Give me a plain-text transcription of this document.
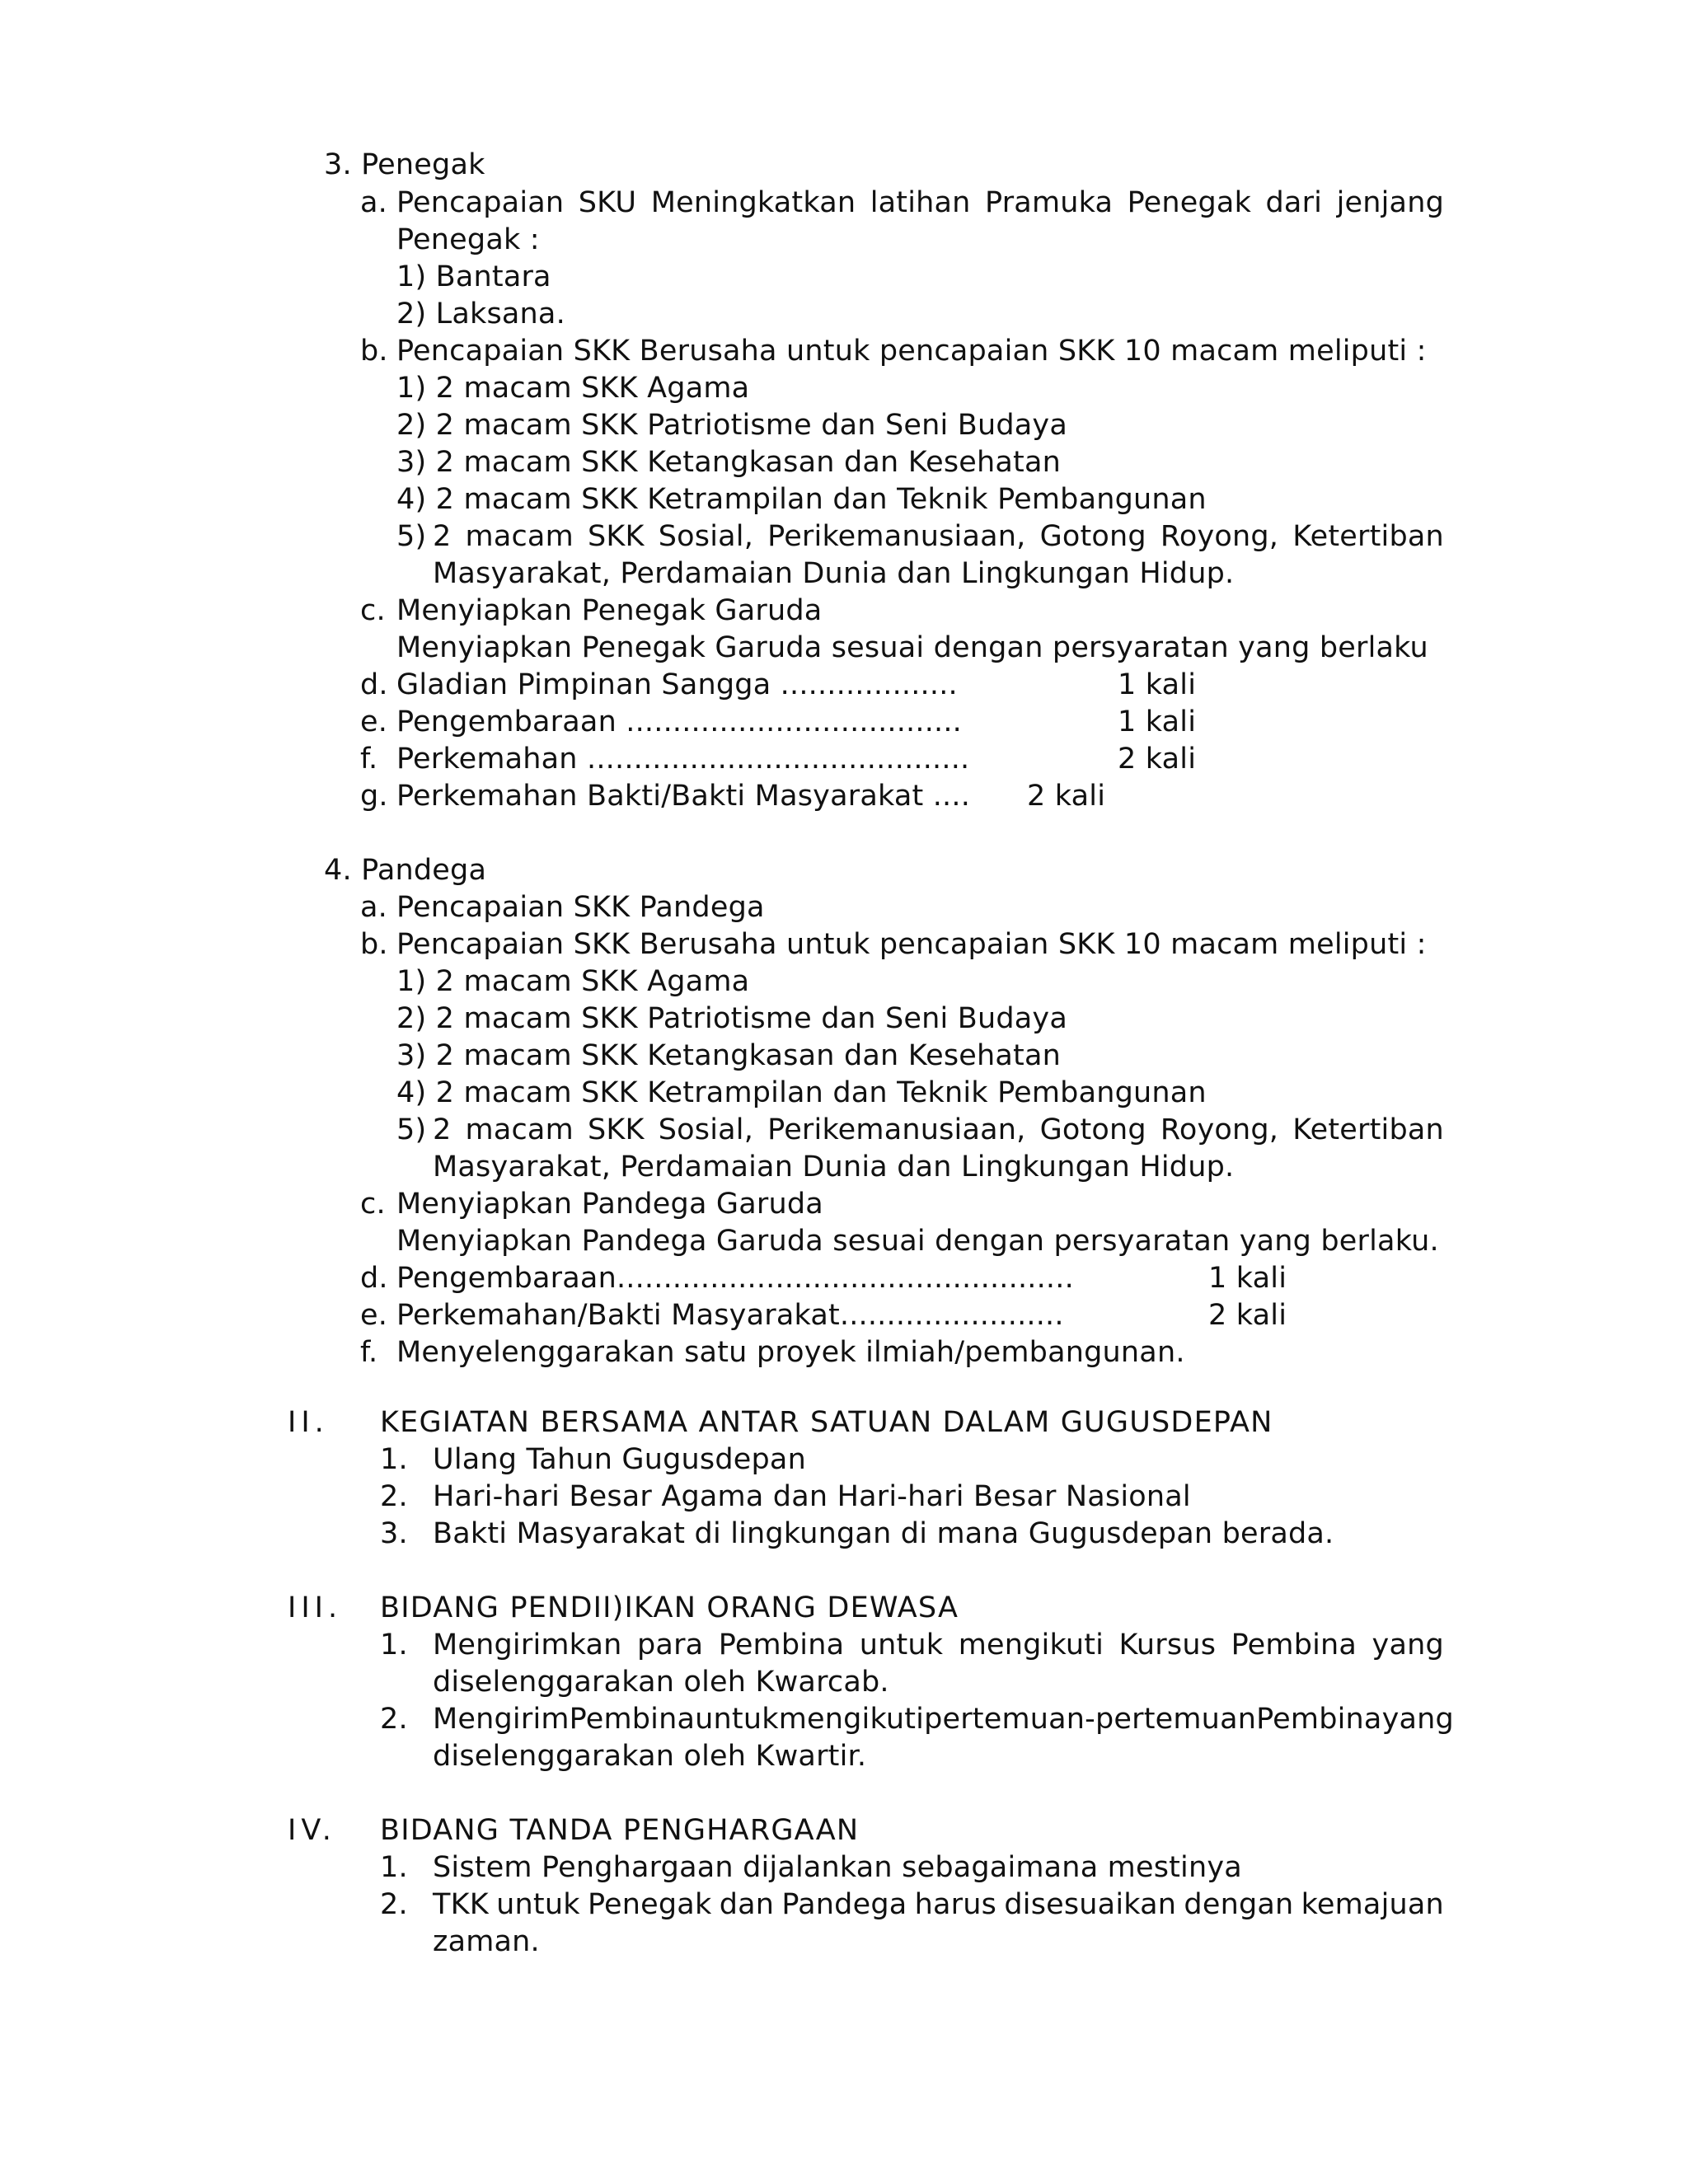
3. Penegak
a. Pencapaian SKU Meningkatkan latihan Pramuka Penegak dari jenjang
Penegak :
1) Bantara
2) Laksana.
b. Pencapaian SKK Berusaha untuk pencapaian SKK 10 macam meliputi :
1) 2 macam SKK Agama
2) 2 macam SKK Patriotisme dan Seni Budaya
3) 2 macam SKK Ketangkasan dan Kesehatan
4) 2 macam SKK Ketrampilan dan Teknik Pembangunan
5) 2 macam SKK Sosial, Perikemanusiaan, Gotong Royong, Ketertiban
Masyarakat, Perdamaian Dunia dan Lingkungan Hidup.
c. Menyiapkan Penegak Garuda
Menyiapkan Penegak Garuda sesuai dengan persyaratan yang berlaku
d. Gladian Pimpinan Sangga ...................	1 kali
e. Pengembaraan ....................................	1 kali
f. Perkemahan .........................................	2 kali
g. Perkemahan Bakti/Bakti Masyarakat .... 2 kali
4. Pandega
a. Pencapaian SKK Pandega
b. Pencapaian SKK Berusaha untuk pencapaian SKK 10 macam meliputi :
1) 2 macam SKK Agama
2) 2 macam SKK Patriotisme dan Seni Budaya
3) 2 macam SKK Ketangkasan dan Kesehatan
4) 2 macam SKK Ketrampilan dan Teknik Pembangunan
5) 2 macam SKK Sosial, Perikemanusiaan, Gotong Royong, Ketertiban
Masyarakat, Perdamaian Dunia dan Lingkungan Hidup.
c. Menyiapkan Pandega Garuda
Menyiapkan Pandega Garuda sesuai dengan persyaratan yang berlaku.
d. Pengembaraan.................................................	1 kali
e. Perkemahan/Bakti Masyarakat........................	2 kali
f. Menyelenggarakan satu proyek ilmiah/pembangunan.
II. KEGIATAN BERSAMA ANTAR SATUAN DALAM GUGUSDEPAN
1. Ulang Tahun Gugusdepan
2. Hari-hari Besar Agama dan Hari-hari Besar Nasional
3. Bakti Masyarakat di lingkungan di mana Gugusdepan berada.
III. BIDANG PENDII)IKAN ORANG DEWASA
1. Mengirimkan para Pembina untuk mengikuti Kursus Pembina yang
diselenggarakan oleh Kwarcab.
2. Mengirim Pembina untuk mengikuti pertemuan-pertemuan Pembina yang
diselenggarakan oleh Kwartir.
IV. BIDANG TANDA PENGHARGAAN
1. Sistem Penghargaan dijalankan sebagaimana mestinya
2. TKK untuk Penegak dan Pandega harus disesuaikan dengan kemajuan
zaman.
